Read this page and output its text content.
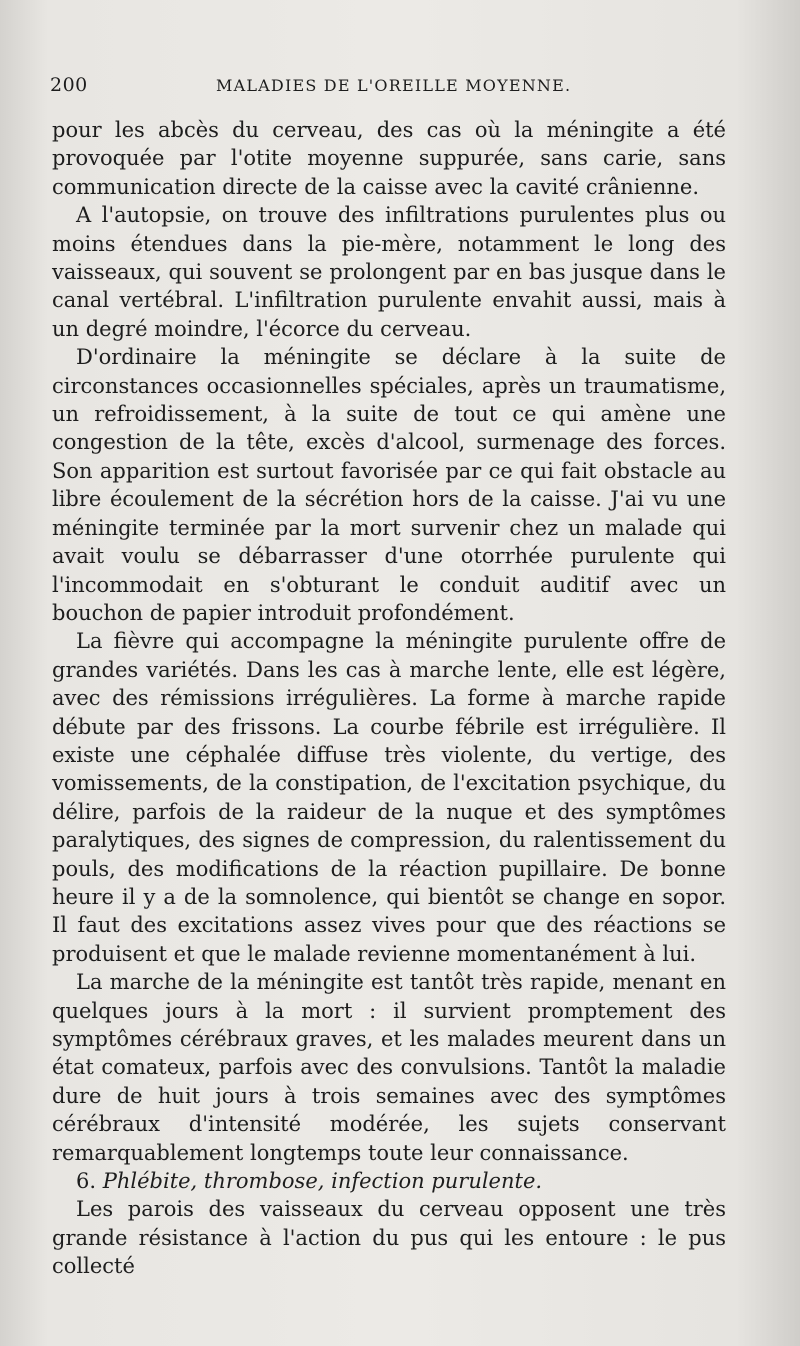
200	MALADIES DE L'OREILLE MOYENNE.

pour les abcès du cerveau, des cas où la méningite a été provoquée par l'otite moyenne suppurée, sans carie, sans communication directe de la caisse avec la cavité crânienne.

A l'autopsie, on trouve des infiltrations purulentes plus ou moins étendues dans la pie-mère, notamment le long des vaisseaux, qui souvent se prolongent par en bas jusque dans le canal vertébral. L'infiltration purulente envahit aussi, mais à un degré moindre, l'écorce du cerveau.

D'ordinaire la méningite se déclare à la suite de circonstances occasionnelles spéciales, après un traumatisme, un refroidissement, à la suite de tout ce qui amène une congestion de la tête, excès d'alcool, surmenage des forces. Son apparition est surtout favorisée par ce qui fait obstacle au libre écoulement de la sécrétion hors de la caisse. J'ai vu une méningite terminée par la mort survenir chez un malade qui avait voulu se débarrasser d'une otorrhée purulente qui l'incommodait en s'obturant le conduit auditif avec un bouchon de papier introduit profondément.

La fièvre qui accompagne la méningite purulente offre de grandes variétés. Dans les cas à marche lente, elle est légère, avec des rémissions irrégulières. La forme à marche rapide débute par des frissons. La courbe fébrile est irrégulière. Il existe une céphalée diffuse très violente, du vertige, des vomissements, de la constipation, de l'excitation psychique, du délire, parfois de la raideur de la nuque et des symptômes paralytiques, des signes de compression, du ralentissement du pouls, des modifications de la réaction pupillaire. De bonne heure il y a de la somnolence, qui bientôt se change en sopor. Il faut des excitations assez vives pour que des réactions se produisent et que le malade revienne momentanément à lui.

La marche de la méningite est tantôt très rapide, menant en quelques jours à la mort : il survient promptement des symptômes cérébraux graves, et les malades meurent dans un état comateux, parfois avec des convulsions. Tantôt la maladie dure de huit jours à trois semaines avec des symptômes cérébraux d'intensité modérée, les sujets conservant remarquablement longtemps toute leur connaissance.

6. Phlébite, thrombose, infection purulente.

Les parois des vaisseaux du cerveau opposent une très grande résistance à l'action du pus qui les entoure : le pus collecté
